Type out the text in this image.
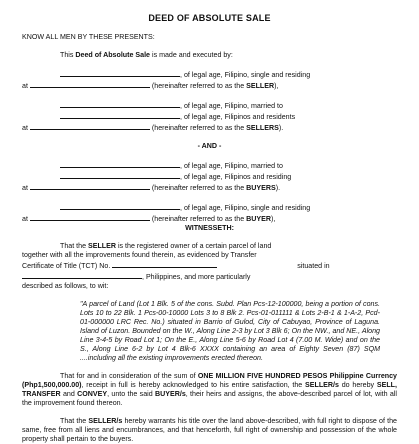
DEED OF ABSOLUTE SALE

KNOW ALL MEN BY THESE PRESENTS:

This Deed of Absolute Sale is made and executed by:

, of legal age, Filipino, single and residing

at	(hereinafter referred to as the SELLER),

, of legal age, Filipino, married to

, of legal age, Filipinos and residents

at	(hereinafter referred to as the SELLERS).

- AND -

, of legal age, Filipino, married to

, of legal age, Filipinos and residing

at	(hereinafter referred to as the BUYERS).

, of legal age, Filipino, single and residing

at	(hereinafter referred to as the BUYER),

WITNESSETH:

That the SELLER is the registered owner of a certain parcel of land

together with all the improvements found therein, as evidenced by Transfer

Certificate of Title (TCT) No.	situated in

, Philippines, and more particularly

described as follows, to wit:

"A parcel of Land (Lot 1 Blk. 5 of the cons. Subd. Plan Pcs-12-100000, being a portion of cons. Lots 10 to 22 Blk. 1 Pcs-00-10000 Lots 3 to 8 Blk 2. Pcs-01-011111 & Lots 2-B-1 & 1-A-2, Pcd-01-000000 LRC Rec. No.) situated in Barrio of Gulod, City of Cabuyao, Province of Laguna. Island of Luzon. Bounded on the W., Along Line 2-3 by Lot 3 Blk 6; On the NW., and NE., Along Line 3-4-5 by Road Lot 1; On the E., Along Line 5-6 by Road Lot 4 (7.00 M. Wide) and on the S., Along Line 6-2 by Lot 4 Blk-6 XXXX containing an area of Eighty Seven (87) SQM ....including all the existing improvements erected thereon.

That for and in consideration of the sum of ONE MILLION FIVE HUNDRED PESOS Philippine Currency (Php1,500,000.00), receipt in full is hereby acknowledged to his entire satisfaction, the SELLER/s do hereby SELL, TRANSFER and CONVEY, unto the said BUYER/s, their heirs and assigns, the above-described parcel of lot, with all the improvement found thereon.

That the SELLER/s hereby warrants his title over the land above-described, with full right to dispose of the same, free from all liens and encumbrances, and that henceforth, full right of ownership and possession of the whole property shall pertain to the buyers.
